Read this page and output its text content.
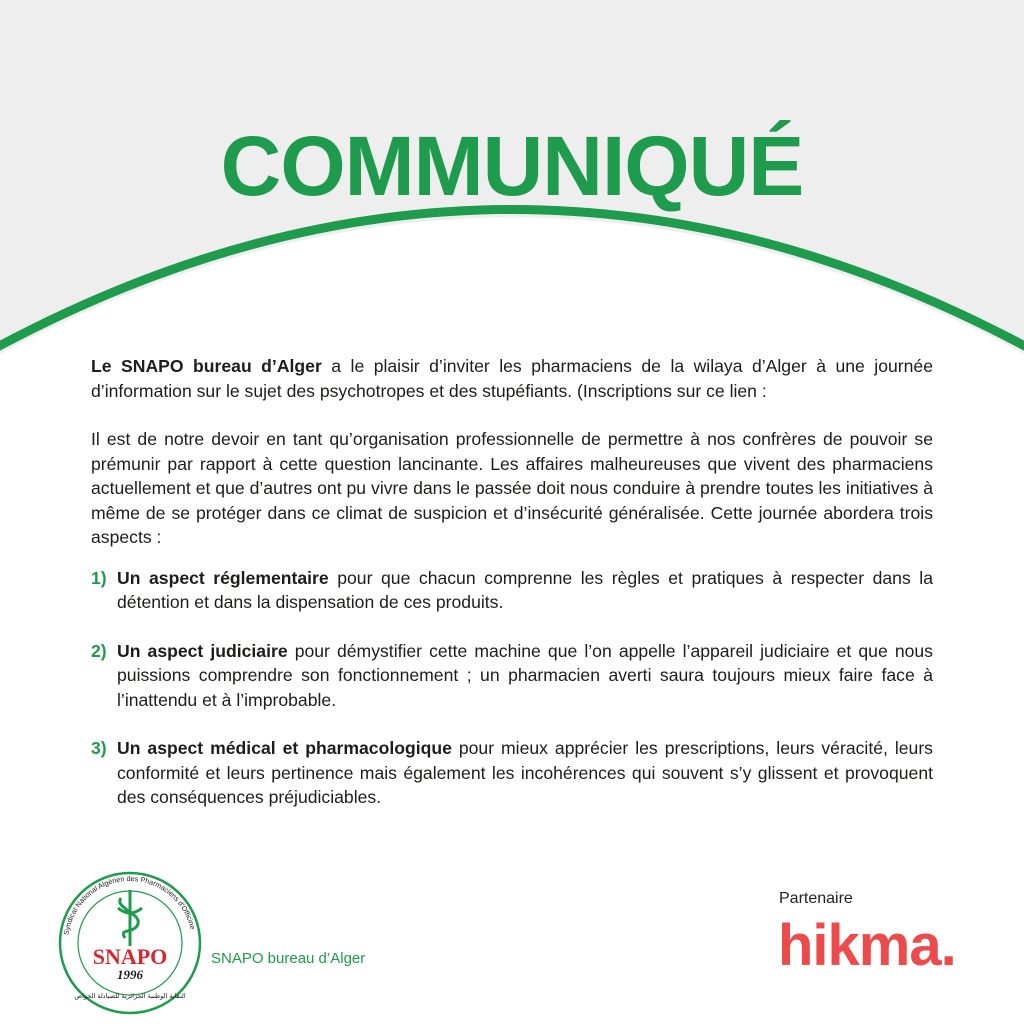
COMMUNIQUÉ

Le SNAPO bureau d’Alger a le plaisir d’inviter les pharmaciens de la wilaya d’Alger à une journée d’information sur le sujet des psychotropes et des stupéfiants. (Inscriptions sur ce lien :

Il est de notre devoir en tant qu’organisation professionnelle de permettre à nos confrères de pouvoir se prémunir par rapport à cette question lancinante. Les affaires malheureuses que vivent des pharmaciens actuellement et que d’autres ont pu vivre dans le passée doit nous conduire à prendre toutes les initiatives à même de se protéger dans ce climat de suspicion et d’insécurité généralisée. Cette journée abordera trois aspects :

1) Un aspect réglementaire pour que chacun comprenne les règles et pratiques à respecter dans la détention et dans la dispensation de ces produits.
2) Un aspect judiciaire pour démystifier cette machine que l’on appelle l’appareil judiciaire et que nous puissions comprendre son fonctionnement ; un pharmacien averti saura toujours mieux faire face à l’inattendu et à l’improbable.
3) Un aspect médical et pharmacologique pour mieux apprécier les prescriptions, leurs véracité, leurs conformité et leurs pertinence mais également les incohérences qui souvent s’y glissent et provoquent des conséquences préjudiciables.
Syndicat National Algérien des Pharmaciens d'Officine
SNAPO
1996
النقابة الوطنية الجزائرية للصيادلة الخواص
SNAPO bureau d’Alger
Partenaire
hikma.
